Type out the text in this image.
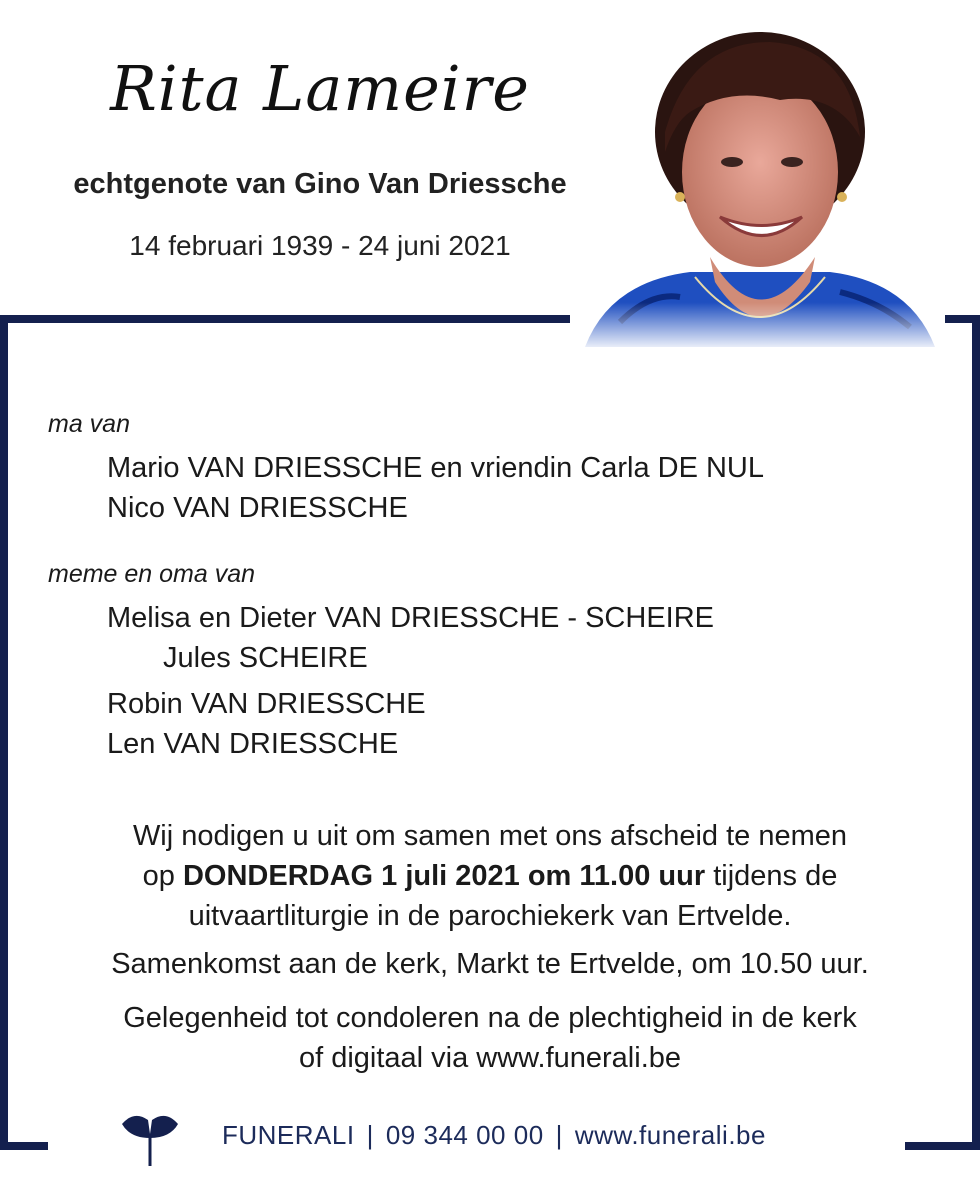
Rita Lameire
echtgenote van Gino Van Driessche
14 februari 1939 - 24 juni 2021
ma van
Mario VAN DRIESSCHE en vriendin Carla DE NUL
Nico VAN DRIESSCHE
meme en oma van
Melisa en Dieter VAN DRIESSCHE - SCHEIRE
Jules SCHEIRE
Robin VAN DRIESSCHE
Len VAN DRIESSCHE
Wij nodigen u uit om samen met ons afscheid te nemen
op DONDERDAG 1 juli 2021 om 11.00 uur tijdens de
uitvaartliturgie in de parochiekerk van Ertvelde.
Samenkomst aan de kerk, Markt te Ertvelde, om 10.50 uur.
Gelegenheid tot condoleren na de plechtigheid in de kerk
of digitaal via www.funerali.be
FUNERALI | 09 344 00 00 | www.funerali.be
